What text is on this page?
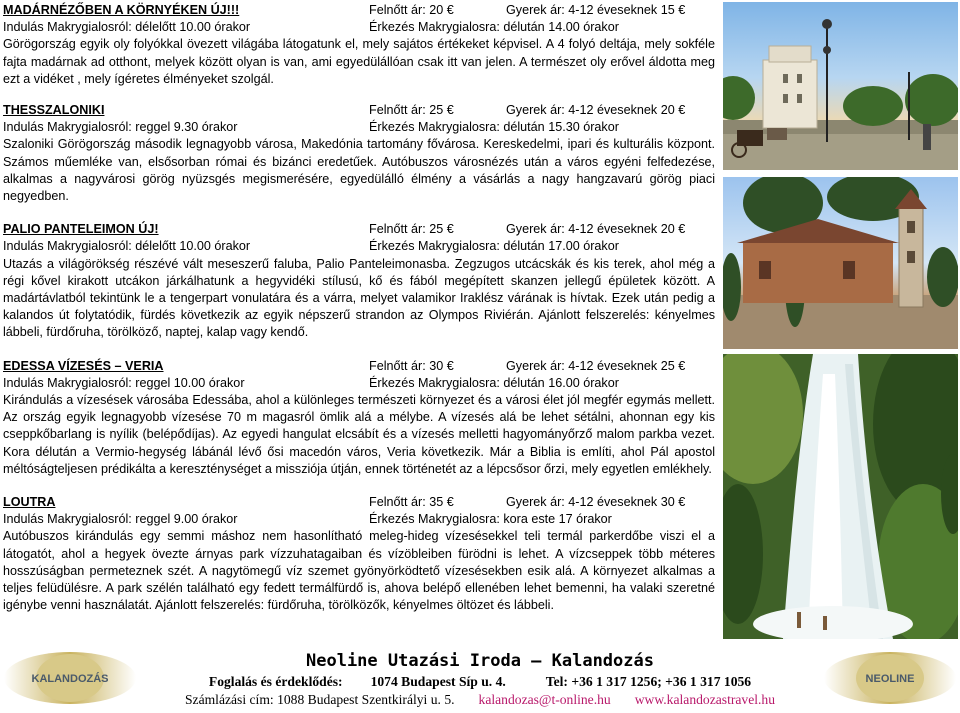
MADÁRNÉZŐBEN A KÖRNYÉKEN ÚJ!!!	Felnőtt ár: 20 €	Gyerek ár: 4-12 éveseknek 15 €
Indulás Makrygialosról: délelőtt 10.00 órakor	Érkezés Makrygialosra: délután 14.00 órakor
Görögország egyik oly folyókkal övezett világába látogatunk el, mely sajátos értékeket képvisel. A 4 folyó deltája, mely sokféle fajta madárnak ad otthont, melyek között olyan is van, ami egyedülállóan csak itt van jelen. A természet oly erővel áldotta meg ezt a vidéket , mely ígéretes élményeket szolgál.
THESSZALONIKI	Felnőtt ár: 25 €	Gyerek ár: 4-12 éveseknek 20 €
Indulás Makrygialosról: reggel 9.30 órakor	Érkezés Makrygialosra: délután 15.30 órakor
Szaloniki Görögország második legnagyobb városa, Makedónia tartomány fővárosa. Kereskedelmi, ipari és kulturális központ. Számos műemléke van, elsősorban római és bizánci eredetűek. Autóbuszos városnézés után a város egyéni felfedezése, alkalmas a nagyvárosi görög nyüzsgés megismerésére, egyedülálló élmény a vásárlás a nagy hangzavarú görög piaci negyedben.
PALIO PANTELEIMON ÚJ!	Felnőtt ár: 25 €	Gyerek ár: 4-12 éveseknek 20 €
Indulás Makrygialosról: délelőtt 10.00 órakor	Érkezés Makrygialosra: délután 17.00 órakor
Utazás a világörökség részévé vált meseszerű faluba, Palio Panteleimonasba. Zegzugos utcácskák és kis terek, ahol még a régi kővel kirakott utcákon járkálhatunk a hegyvidéki stílusú, kő és fából megépített skanzen jellegű épületek között. A madártávlatból tekintünk le a tengerpart vonulatára és a várra, melyet valamikor Iraklész várának is hívtak. Ezek után pedig a kalandos út folytatódik, fürdés következik az egyik népszerű strandon az Olympos Riviérán. Ajánlott felszerelés: kényelmes lábbeli, fürdőruha, törölköző, naptej, kalap vagy kendő.
EDESSA VÍZESÉS – VERIA	Felnőtt ár: 30 €	Gyerek ár: 4-12 éveseknek 25 €
Indulás Makrygialosról: reggel 10.00 órakor	Érkezés Makrygialosra: délután 16.00 órakor
Kirándulás a vízesések városába Edessába, ahol a különleges természeti környezet és a városi élet jól megfér egymás mellett. Az ország egyik legnagyobb vízesése 70 m magasról ömlik alá a mélybe. A vízesés alá be lehet sétálni, ahonnan egy kis cseppkőbarlang is nyílik (belépődíjas). Az egyedi hangulat elcsábít és a vízesés melletti hagyományőrző malom parkba vezet. Kora délután a Vermio-hegység lábánál lévő ősi macedón város, Veria következik. Már a Biblia is említi, ahol Pál apostol méltóságteljesen prédikálta a kereszténységet a missziója útján, ennek történetét az a lépcsősor őrzi, mely egyetlen emlékhely.
LOUTRA	Felnőtt ár: 35 €	Gyerek ár: 4-12 éveseknek 30 €
Indulás Makrygialosról: reggel 9.00 órakor	Érkezés Makrygialosra: kora este 17 órakor
Autóbuszos kirándulás egy semmi máshoz nem hasonlítható meleg-hideg vízesésekkel teli termál parkerdőbe viszi el a látogatót, ahol a hegyek övezte árnyas park vízzuhatagaiban és vízöbleiben fürödni is lehet. A vízcseppek több méteres hosszúságban permeteznek szét. A nagytömegű víz szemet gyönyörködtető vízesésekben esik alá. A környezet alkalmas a teljes felüdülésre. A park szélén található egy fedett termálfürdő is, ahova belépő ellenében lehet bemenni, ha valaki szeretné igénybe venni használatát. Ajánlott felszerelés: fürdőruha, törölközők, kényelmes öltözet és lábbeli.
KALANDOZÁS	NEOLINE
Neoline Utazási Iroda – Kalandozás
Foglalás és érdeklődés: 1074 Budapest Síp u. 4.	Tel: +36 1 317 1256; +36 1 317 1056
Számlázási cím: 1088 Budapest Szentkirályi u. 5. kalandozas@t-online.hu www.kalandozastravel.hu
